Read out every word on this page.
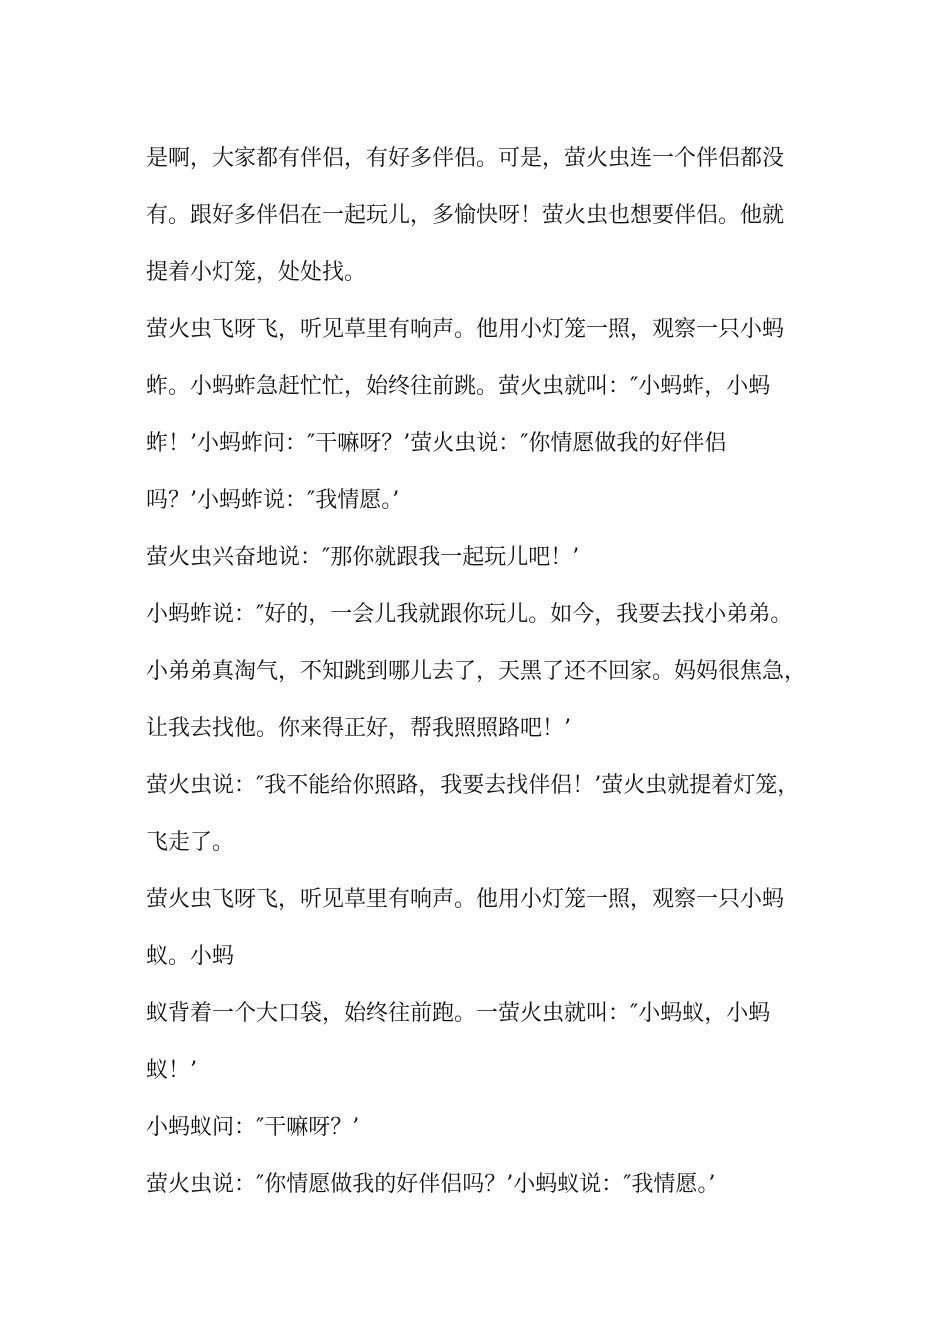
是啊，大家都有伴侣，有好多伴侣。可是，萤火虫连一个伴侣都没
有。跟好多伴侣在一起玩儿，多愉快呀！萤火虫也想要伴侣。他就
提着小灯笼，处处找。
萤火虫飞呀飞，听见草里有响声。他用小灯笼一照，观察一只小蚂
蚱。小蚂蚱急赶忙忙，始终往前跳。萤火虫就叫：″小蚂蚱，小蚂
蚱！’小蚂蚱问：″干嘛呀？’萤火虫说：″你情愿做我的好伴侣
吗？’小蚂蚱说：″我情愿。’
萤火虫兴奋地说：″那你就跟我一起玩儿吧！’
小蚂蚱说：″好的，一会儿我就跟你玩儿。如今，我要去找小弟弟。
小弟弟真淘气，不知跳到哪儿去了，天黑了还不回家。妈妈很焦急，
让我去找他。你来得正好，帮我照照路吧！’
萤火虫说：″我不能给你照路，我要去找伴侣！’萤火虫就提着灯笼，
飞走了。
萤火虫飞呀飞，听见草里有响声。他用小灯笼一照，观察一只小蚂
蚁。小蚂
蚁背着一个大口袋，始终往前跑。一萤火虫就叫：″小蚂蚁，小蚂
蚁！’
小蚂蚁问：″干嘛呀？’
萤火虫说：″你情愿做我的好伴侣吗？’小蚂蚁说：″我情愿。’
